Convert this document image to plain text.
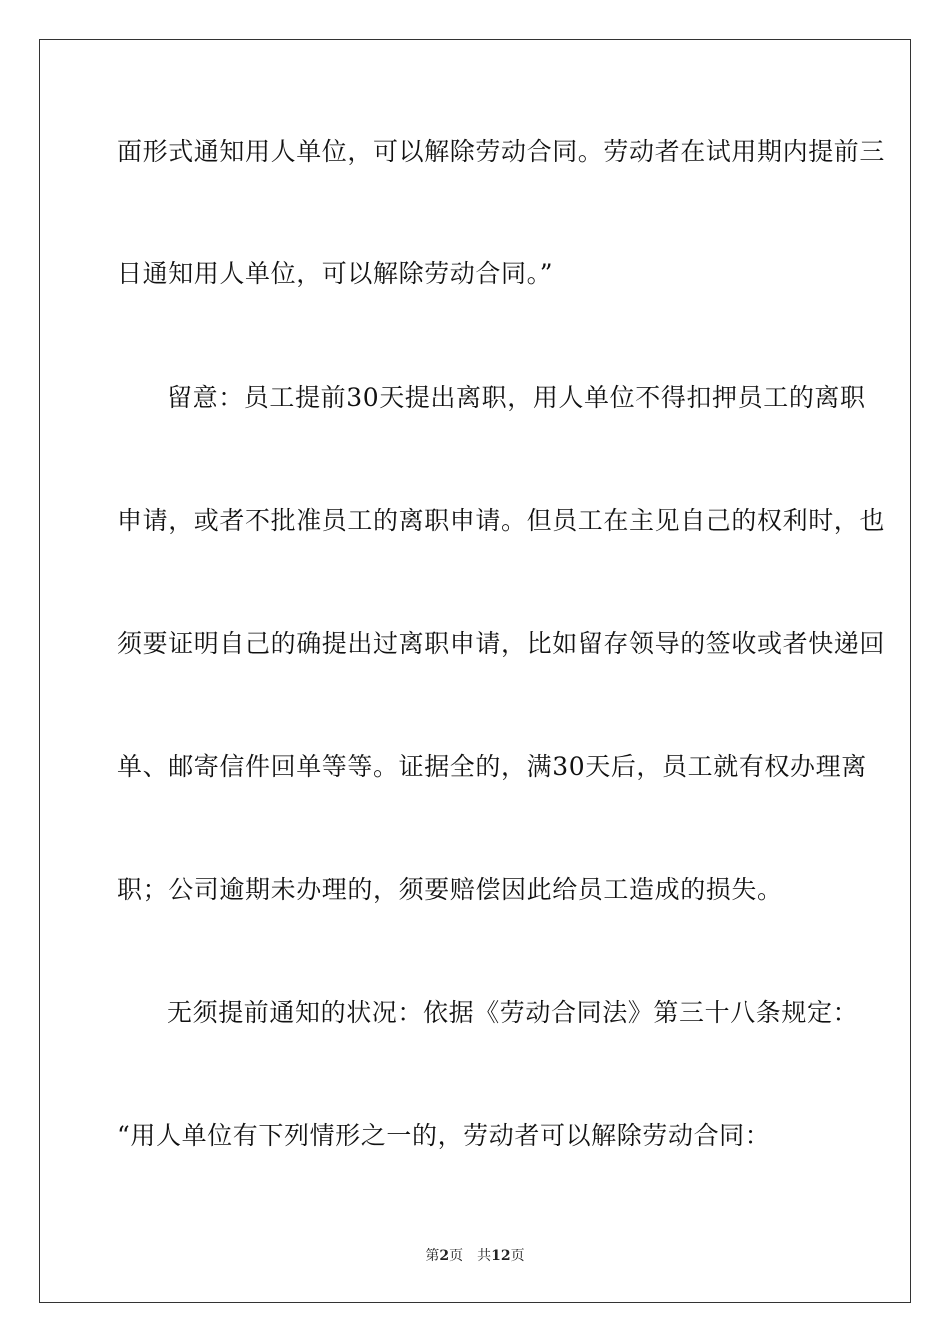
面形式通知用人单位，可以解除劳动合同。劳动者在试用期内提前三
日通知用人单位，可以解除劳动合同。”
留意：员工提前30天提出离职，用人单位不得扣押员工的离职
申请，或者不批准员工的离职申请。但员工在主见自己的权利时，也
须要证明自己的确提出过离职申请，比如留存领导的签收或者快递回
单、邮寄信件回单等等。证据全的，满30天后，员工就有权办理离
职；公司逾期未办理的，须要赔偿因此给员工造成的损失。
无须提前通知的状况：依据《劳动合同法》第三十八条规定：
“用人单位有下列情形之一的，劳动者可以解除劳动合同：
第2页 共12页
